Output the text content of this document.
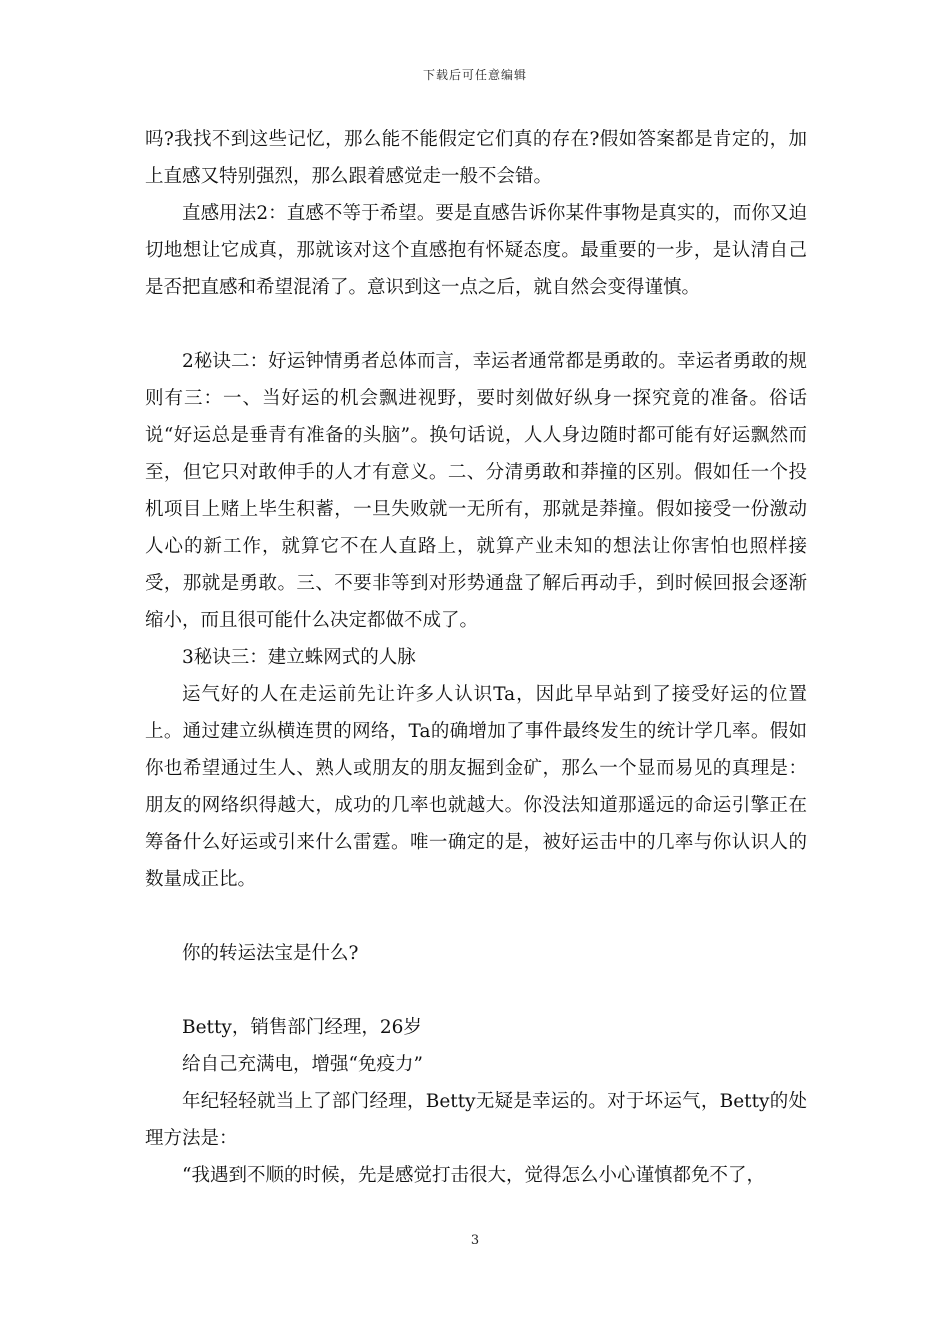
下载后可任意编辑

吗?我找不到这些记忆，那么能不能假定它们真的存在?假如答案都是肯定的，加上直感又特别强烈，那么跟着感觉走一般不会错。

直感用法2：直感不等于希望。要是直感告诉你某件事物是真实的，而你又迫切地想让它成真，那就该对这个直感抱有怀疑态度。最重要的一步，是认清自己是否把直感和希望混淆了。意识到这一点之后，就自然会变得谨慎。

2秘诀二：好运钟情勇者总体而言，幸运者通常都是勇敢的。幸运者勇敢的规则有三：一、当好运的机会飘进视野，要时刻做好纵身一探究竟的准备。俗话说“好运总是垂青有准备的头脑”。换句话说，人人身边随时都可能有好运飘然而至，但它只对敢伸手的人才有意义。二、分清勇敢和莽撞的区别。假如任一个投机项目上赌上毕生积蓄，一旦失败就一无所有，那就是莽撞。假如接受一份激动人心的新工作，就算它不在人直路上，就算产业未知的想法让你害怕也照样接受，那就是勇敢。三、不要非等到对形势通盘了解后再动手，到时候回报会逐渐缩小，而且很可能什么决定都做不成了。

3秘诀三：建立蛛网式的人脉

运气好的人在走运前先让许多人认识Ta，因此早早站到了接受好运的位置上。通过建立纵横连贯的网络，Ta的确增加了事件最终发生的统计学几率。假如你也希望通过生人、熟人或朋友的朋友掘到金矿，那么一个显而易见的真理是：朋友的网络织得越大，成功的几率也就越大。你没法知道那遥远的命运引擎正在筹备什么好运或引来什么雷霆。唯一确定的是，被好运击中的几率与你认识人的数量成正比。

你的转运法宝是什么?

Betty，销售部门经理，26岁

给自己充满电，增强“免疫力”

年纪轻轻就当上了部门经理，Betty无疑是幸运的。对于坏运气，Betty的处理方法是：

“我遇到不顺的时候，先是感觉打击很大，觉得怎么小心谨慎都免不了，

3
